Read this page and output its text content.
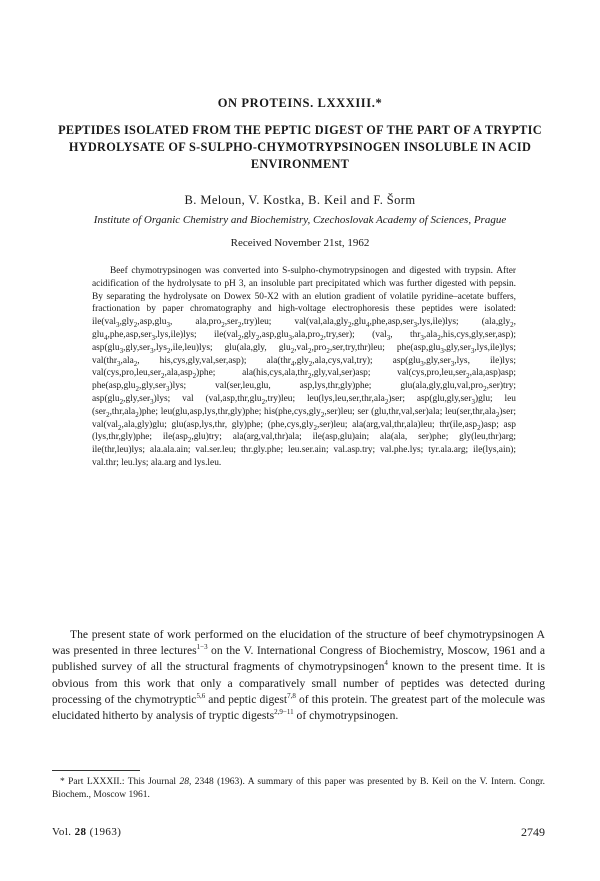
ON PROTEINS. LXXXIII.*
PEPTIDES ISOLATED FROM THE PEPTIC DIGEST OF THE PART OF A TRYPTIC HYDROLYSATE OF S-SULPHO-CHYMOTRYPSINOGEN INSOLUBLE IN ACID ENVIRONMENT
B. Meloun, V. Kostka, B. Keil and F. Šorm
Institute of Organic Chemistry and Biochemistry, Czechoslovak Academy of Sciences, Prague
Received November 21st, 1962

Beef chymotrypsinogen was converted into S-sulpho-chymotrypsinogen and digested with trypsin. After acidification of the hydrolysate to pH 3, an insoluble part precipitated which was further digested with pepsin. By separating the hydrolysate on Dowex 50-X2 with an elution gradient of volatile pyridine–acetate buffers, fractionation by paper chromatography and high-voltage electrophoresis these peptides were isolated: ile(val$_3$,gly$_2$,asp,glu$_3$, ala,pro$_2$,ser$_2$,try)leu; val(val,ala,gly$_2$,glu$_4$,phe,asp,ser$_3$,lys,ile)lys; (ala,gly$_2$, glu$_4$,phe,asp,ser$_3$,lys,ile)lys; ile(val$_2$,gly$_2$,asp,glu$_3$,ala,pro$_2$,try,ser); (val$_3$, thr$_3$,ala$_2$,his,cys,gly,ser,asp); asp(glu$_3$,gly,ser$_3$,lys$_2$,ile,leu)lys; glu(ala,gly, glu$_2$,val$_2$,pro$_2$,ser,try,thr)leu; phe(asp,glu$_3$,gly,ser$_3$,lys,ile)lys; val(thr$_3$,ala$_2$, his,cys,gly,val,ser,asp); ala(thr$_4$,gly$_2$,ala,cys,val,try); asp(glu$_3$,gly,ser$_3$,lys, ile)lys; val(cys,pro,leu,ser$_2$,ala,asp$_2$)phe; ala(his,cys,ala,thr$_2$,gly,val,ser)asp; val(cys,pro,leu,ser$_2$,ala,asp)asp; phe(asp,glu$_2$,gly,ser$_3$)lys; val(ser,leu,glu, asp,lys,thr,gly)phe; glu(ala,gly,glu,val,pro$_2$,ser)try; asp(glu$_2$,gly,ser$_3$)lys; val (val,asp,thr,glu$_2$,try)leu; leu(lys,leu,ser,thr,ala$_2$)ser; asp(glu,gly,ser$_3$)glu; leu (ser$_2$,thr,ala$_2$)phe; leu(glu,asp,lys,thr,gly)phe; his(phe,cys,gly$_2$,ser)leu; ser (glu,thr,val,ser)ala; leu(ser,thr,ala$_2$)ser; val(val$_2$,ala,gly)glu; glu(asp,lys,thr, gly)phe; (phe,cys,gly$_2$,ser)leu; ala(arg,val,thr,ala)leu; thr(ile,asp$_2$)asp; asp (lys,thr,gly)phe; ile(asp$_2$,glu)try; ala(arg,val,thr)ala; ile(asp,glu)ain; ala(ala, ser)phe; gly(leu,thr)arg; ile(thr,leu)lys; ala.ala.ain; val.ser.leu; thr.gly.phe; leu.ser.ain; val.asp.try; val.phe.lys; tyr.ala.arg; ile(lys,ain); val.thr; leu.lys; ala.arg and lys.leu.

The present state of work performed on the elucidation of the structure of beef chymotrypsinogen A was presented in three lectures$^{1-3}$ on the V. International Congress of Biochemistry, Moscow, 1961 and a published survey of all the structural fragments of chymotrypsinogen$^4$ known to the present time. It is obvious from this work that only a comparatively small number of peptides was detected during processing of the chymotryptic$^{5,6}$ and peptic digest$^{7,8}$ of this protein. The greatest part of the molecule was elucidated hitherto by analysis of tryptic digests$^{2,9-11}$ of chymotrypsinogen.

* Part LXXXII.: This Journal 28, 2348 (1963). A summary of this paper was presented by B. Keil on the V. Intern. Congr. Biochem., Moscow 1961.

Vol. 28 (1963)	2749
